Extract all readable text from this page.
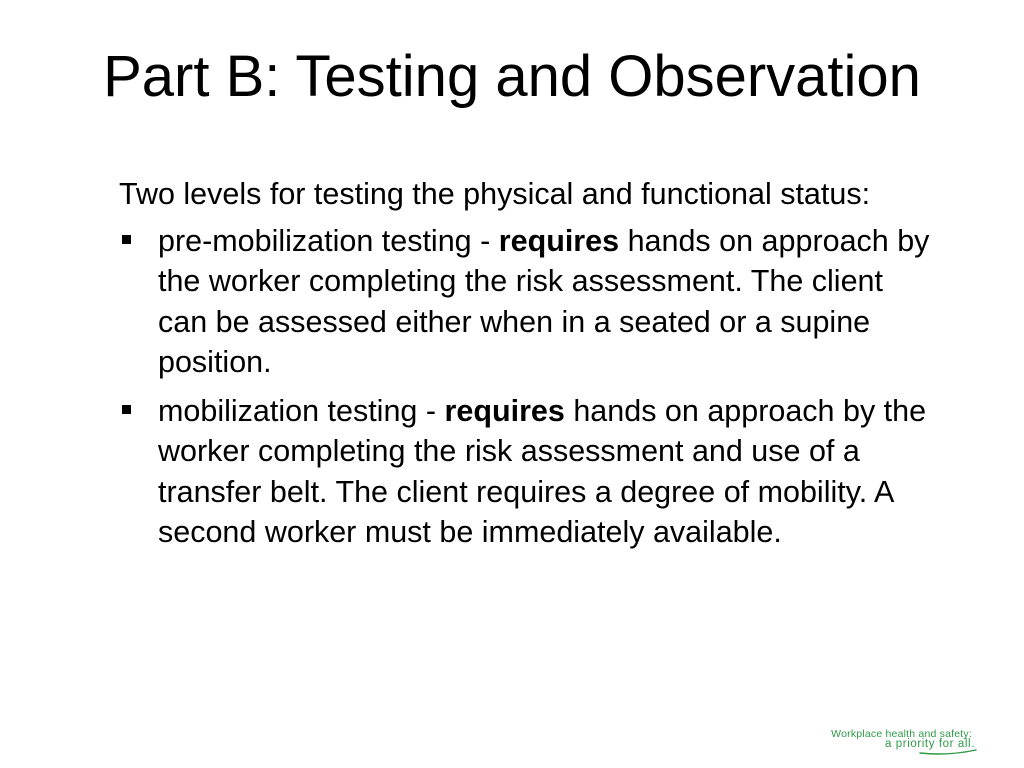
Part B: Testing and Observation

Two levels for testing the physical and functional status:

pre-mobilization testing - requires hands on approach by the worker completing the risk assessment. The client can be assessed either when in a seated or a supine position.
mobilization testing - requires hands on approach by the worker completing the risk assessment and use of a transfer belt. The client requires a degree of mobility. A second worker must be immediately available.
Workplace health and safety:
a priority for all.
